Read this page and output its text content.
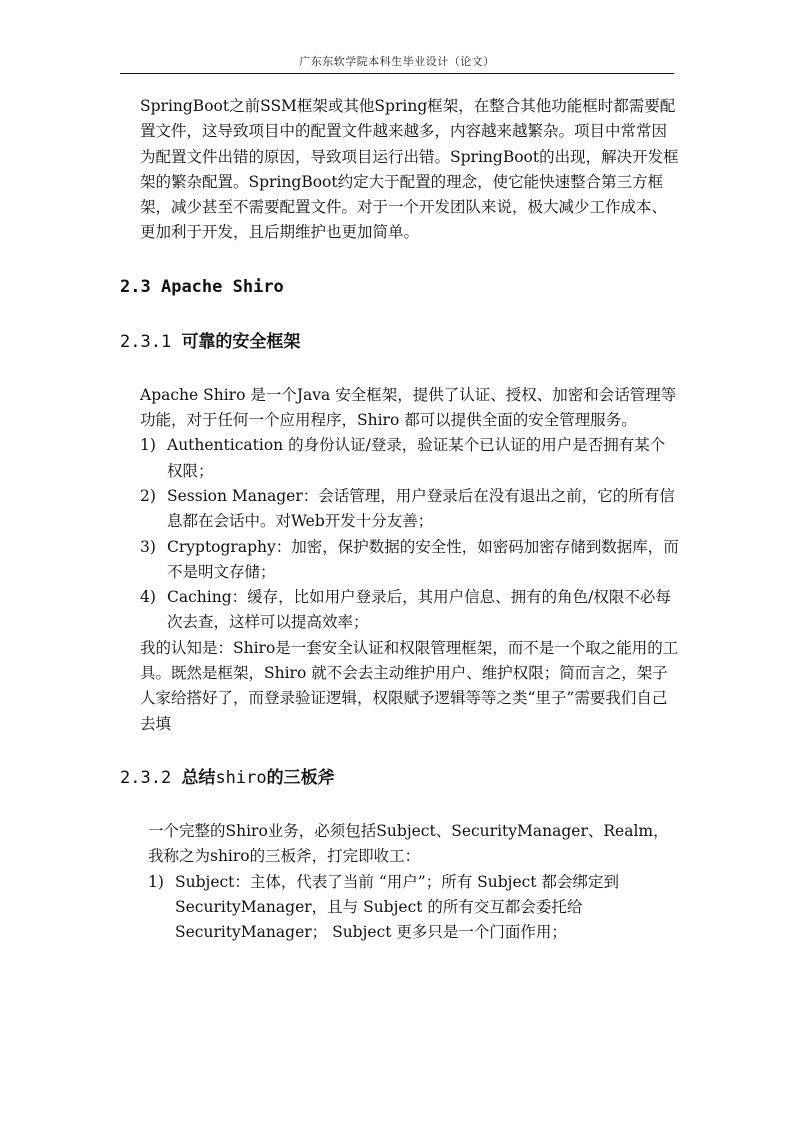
广东东软学院本科生毕业设计（论文）

SpringBoot之前SSM框架或其他Spring框架，在整合其他功能框时都需要配置文件，这导致项目中的配置文件越来越多，内容越来越繁杂。项目中常常因为配置文件出错的原因，导致项目运行出错。SpringBoot的出现，解决开发框架的繁杂配置。SpringBoot约定大于配置的理念，使它能快速整合第三方框架，减少甚至不需要配置文件。对于一个开发团队来说，极大减少工作成本、更加利于开发，且后期维护也更加简单。

2.3 Apache Shiro
2.3.1 可靠的安全框架

Apache Shiro 是一个Java 安全框架，提供了认证、授权、加密和会话管理等功能，对于任何一个应用程序，Shiro 都可以提供全面的安全管理服务。

1) Authentication 的身份认证/登录，验证某个已认证的用户是否拥有某个权限；
2) Session Manager：会话管理，用户登录后在没有退出之前，它的所有信息都在会话中。对Web开发十分友善；
3) Cryptography：加密，保护数据的安全性，如密码加密存储到数据库，而不是明文存储；
4) Caching：缓存，比如用户登录后，其用户信息、拥有的角色/权限不必每次去查，这样可以提高效率；

我的认知是：Shiro是一套安全认证和权限管理框架，而不是一个取之能用的工具。既然是框架，Shiro 就不会去主动维护用户、维护权限；简而言之，架子人家给搭好了，而登录验证逻辑，权限赋予逻辑等等之类“里子”需要我们自己去填

2.3.2 总结shiro的三板斧

一个完整的Shiro业务，必须包括Subject、SecurityManager、Realm，我称之为shiro的三板斧，打完即收工：

1) Subject：主体，代表了当前 “用户”；所有 Subject 都会绑定到 SecurityManager，且与 Subject 的所有交互都会委托给 SecurityManager； Subject 更多只是一个门面作用；
